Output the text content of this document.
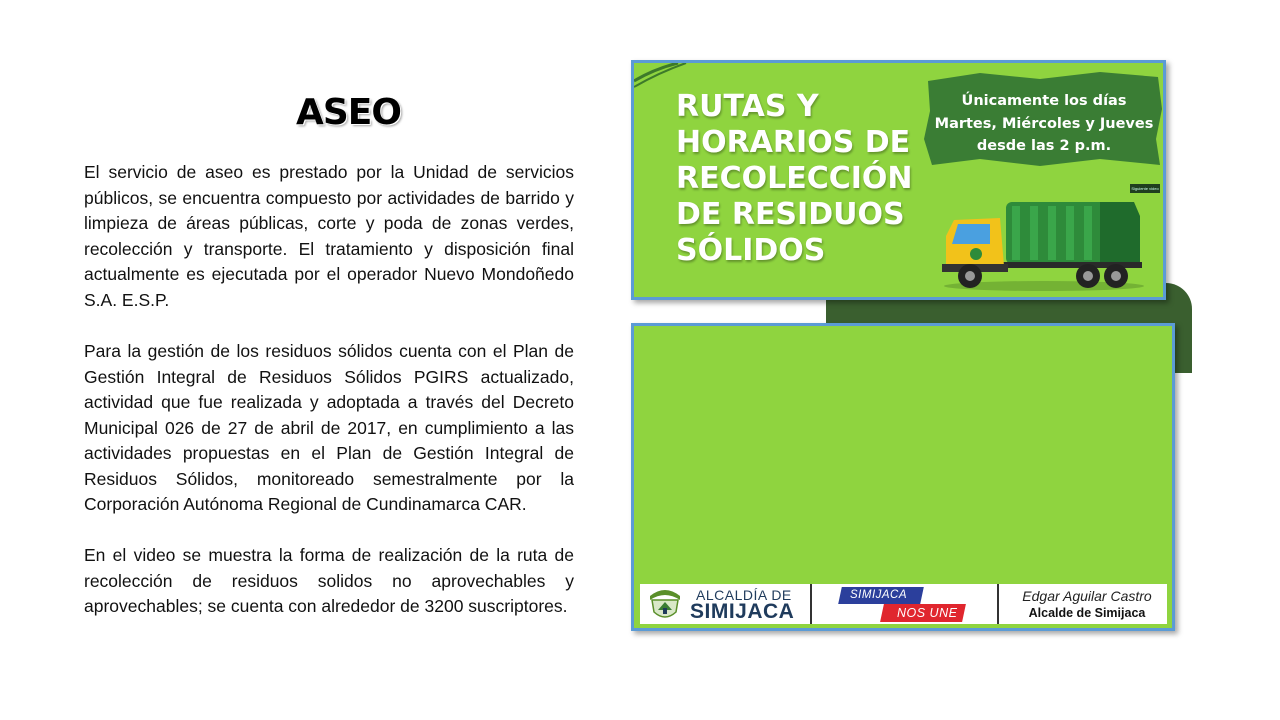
ASEO
El servicio de aseo es prestado por la Unidad de servicios públicos, se encuentra compuesto por actividades de barrido y limpieza de áreas públicas, corte y poda de zonas verdes, recolección y transporte. El tratamiento y disposición final actualmente es ejecutada por el operador Nuevo Mondoñedo S.A. E.S.P.
Para la gestión de los residuos sólidos cuenta con el Plan de Gestión Integral de Residuos Sólidos PGIRS actualizado, actividad que fue realizada y adoptada a través del Decreto Municipal 026 de 27 de abril de 2017, en cumplimiento a las actividades propuestas en el Plan de Gestión Integral de Residuos Sólidos, monitoreado semestralmente por la Corporación Autónoma Regional de Cundinamarca CAR.
En el video se muestra la forma de realización de la ruta de recolección de residuos solidos no aprovechables y aprovechables; se cuenta con alrededor de 3200 suscriptores.
RUTAS Y
HORARIOS DE
RECOLECCIÓN
DE RESIDUOS
SÓLIDOS
Únicamente los días
Martes, Miércoles y Jueves
desde las 2 p.m.
Siguiente video
ALCALDÍA DE
SIMIJACA
SIMIJACA
NOS UNE
Edgar Aguilar Castro
Alcalde de Simijaca
